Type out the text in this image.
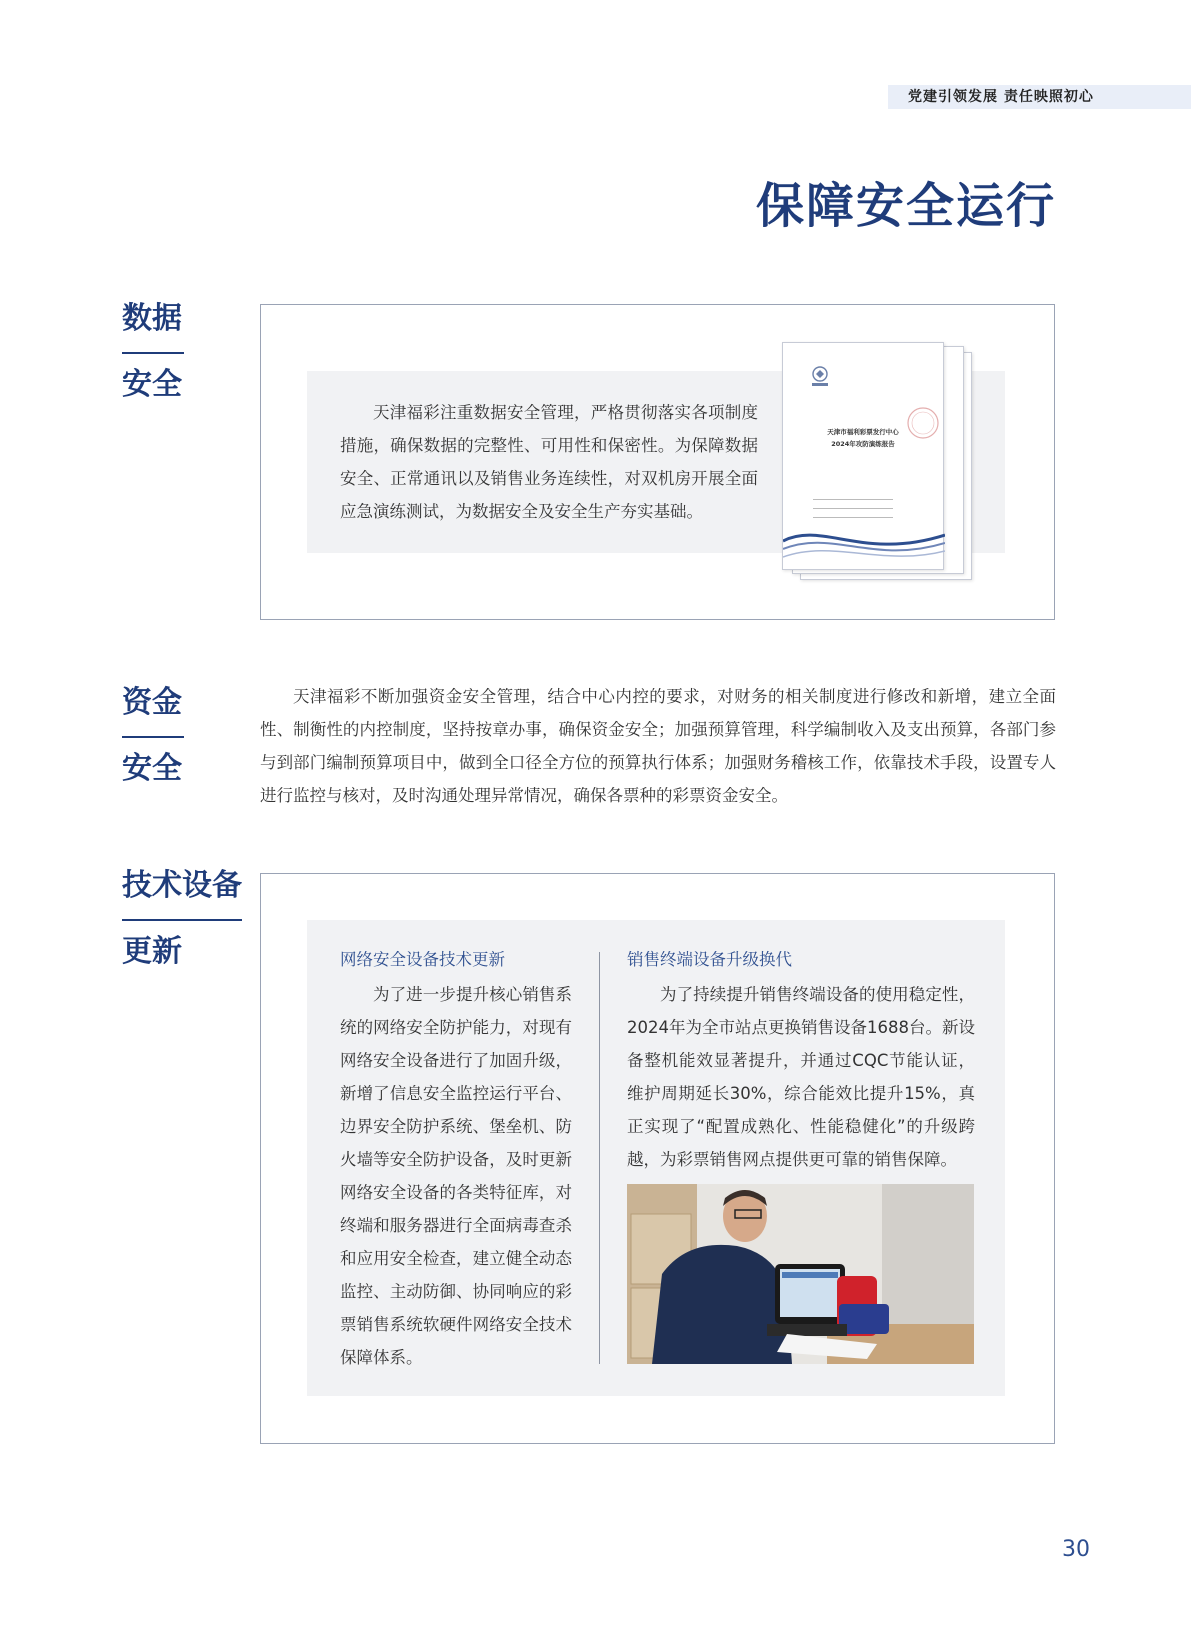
党建引领发展 责任映照初心
保障安全运行
数据
安全
天津福彩注重数据安全管理，严格贯彻落实各项制度措施，确保数据的完整性、可用性和保密性。为保障数据安全、正常通讯以及销售业务连续性，对双机房开展全面应急演练测试，为数据安全及安全生产夯实基础。
天津市福利彩票发行中心
2024年攻防演练报告
资金
安全
天津福彩不断加强资金安全管理，结合中心内控的要求，对财务的相关制度进行修改和新增，建立全面性、制衡性的内控制度，坚持按章办事，确保资金安全；加强预算管理，科学编制收入及支出预算，各部门参与到部门编制预算项目中，做到全口径全方位的预算执行体系；加强财务稽核工作，依靠技术手段，设置专人进行监控与核对，及时沟通处理异常情况，确保各票种的彩票资金安全。
技术设备
更新	网络安全设备技术更新
为了进一步提升核心销售系统的网络安全防护能力，对现有网络安全设备进行了加固升级，新增了信息安全监控运行平台、边界安全防护系统、堡垒机、防火墙等安全防护设备，及时更新网络安全设备的各类特征库，对终端和服务器进行全面病毒查杀和应用安全检查，建立健全动态监控、主动防御、协同响应的彩票销售系统软硬件网络安全技术保障体系。
销售终端设备升级换代
为了持续提升销售终端设备的使用稳定性，2024年为全市站点更换销售设备1688台。新设备整机能效显著提升，并通过CQC节能认证，维护周期延长30%，综合能效比提升15%，真正实现了“配置成熟化、性能稳健化”的升级跨越，为彩票销售网点提供更可靠的销售保障。
30
